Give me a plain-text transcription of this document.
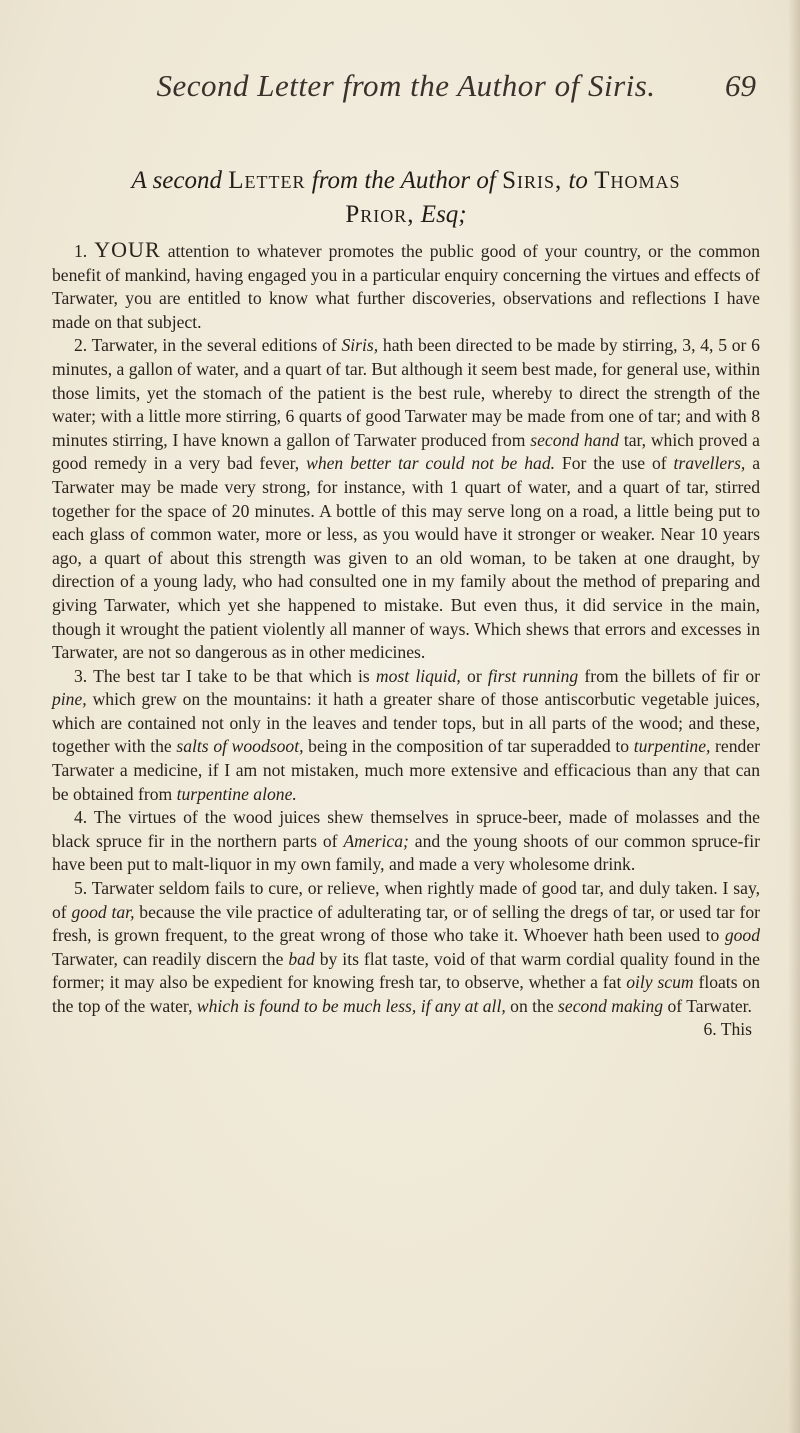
Second Letter from the Author of Siris.	69
A second Letter from the Author of Siris, to Thomas
Prior, Esq;

1. YOUR attention to whatever promotes the public good of your country, or the common benefit of mankind, having engaged you in a particular enquiry concerning the virtues and effects of Tarwater, you are entitled to know what further discoveries, observations and reflections I have made on that subject.

2. Tarwater, in the several editions of Siris, hath been directed to be made by stirring, 3, 4, 5 or 6 minutes, a gallon of water, and a quart of tar. But although it seem best made, for general use, within those limits, yet the stomach of the patient is the best rule, whereby to direct the strength of the water; with a little more stirring, 6 quarts of good Tarwater may be made from one of tar; and with 8 minutes stirring, I have known a gallon of Tarwater produced from second hand tar, which proved a good remedy in a very bad fever, when better tar could not be had. For the use of travellers, a Tarwater may be made very strong, for instance, with 1 quart of water, and a quart of tar, stirred together for the space of 20 minutes. A bottle of this may serve long on a road, a little being put to each glass of common water, more or less, as you would have it stronger or weaker. Near 10 years ago, a quart of about this strength was given to an old woman, to be taken at one draught, by direction of a young lady, who had consulted one in my family about the method of preparing and giving Tarwater, which yet she happened to mistake. But even thus, it did service in the main, though it wrought the patient violently all manner of ways. Which shews that errors and excesses in Tarwater, are not so dangerous as in other medicines.

3. The best tar I take to be that which is most liquid, or first running from the billets of fir or pine, which grew on the mountains: it hath a greater share of those antiscorbutic vegetable juices, which are contained not only in the leaves and tender tops, but in all parts of the wood; and these, together with the salts of woodsoot, being in the composition of tar superadded to turpentine, render Tarwater a medicine, if I am not mistaken, much more extensive and efficacious than any that can be obtained from turpentine alone.

4. The virtues of the wood juices shew themselves in spruce-beer, made of molasses and the black spruce fir in the northern parts of America; and the young shoots of our common spruce-fir have been put to malt-liquor in my own family, and made a very wholesome drink.

5. Tarwater seldom fails to cure, or relieve, when rightly made of good tar, and duly taken. I say, of good tar, because the vile practice of adulterating tar, or of selling the dregs of tar, or used tar for fresh, is grown frequent, to the great wrong of those who take it. Whoever hath been used to good Tarwater, can readily discern the bad by its flat taste, void of that warm cordial quality found in the former; it may also be expedient for knowing fresh tar, to observe, whether a fat oily scum floats on the top of the water, which is found to be much less, if any at all, on the second making of Tarwater.

6. This
